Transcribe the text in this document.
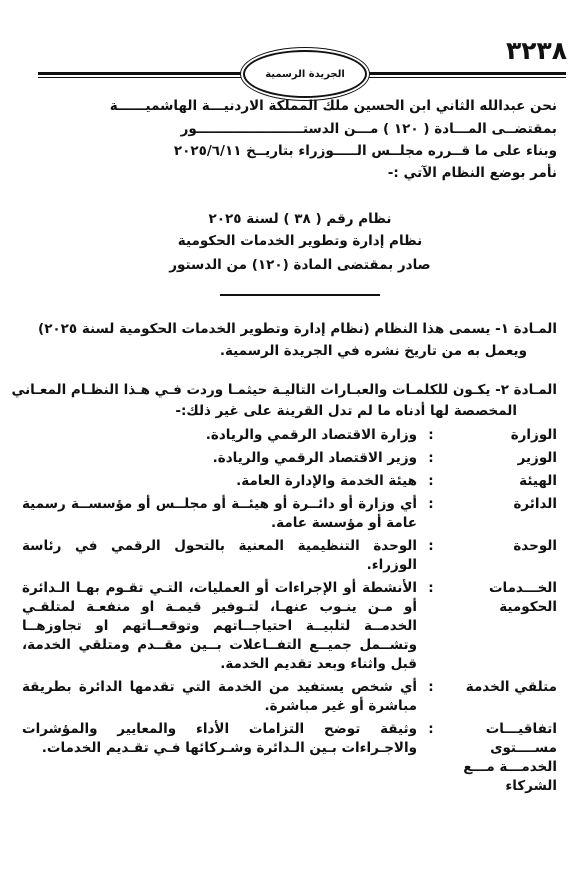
٣٢٣٨
الجريدة الرسمية
نحن عبدالله الثاني ابن الحسين ملك المملكة الاردنيـــة الهاشميــــــة
بمقتضــى المـــادة ( ١٢٠ ) مـــن الدستـــــــــــــــــــــــور
وبناء على ما قــرره مجلــس الـــــوزراء بتاريــخ ٢٠٢٥/٦/١١
نأمر بوضع النظام الآتي :-
نظام رقم ( ٣٨ ) لسنة ٢٠٢٥
نظام إدارة وتطوير الخدمات الحكومية
صادر بمقتضى المادة (١٢٠) من الدستور
المـادة ١- يسمى هذا النظام (نظام إدارة وتطوير الخدمات الحكومية لسنة ٢٠٢٥)
ويعمل به من تاريخ نشره في الجريدة الرسمية.
المـادة ٢- يكـون للكلمـات والعبـارات التاليـة حيثمـا وردت فـي هـذا النظـام المعـاني
المخصصة لها أدناه ما لم تدل القرينة على غير ذلك:-
الوزارة
:
وزارة الاقتصاد الرقمي والريادة.
الوزير
:
وزير الاقتصاد الرقمي والريادة.
الهيئة
:
هيئة الخدمة والإدارة العامة.
الدائرة
:
أي وزارة أو دائــرة أو هيئــة أو مجلــس أو مؤسســة رسمية عامة أو مؤسسة عامة.
الوحدة
:
الوحدة التنظيمية المعنية بالتحول الرقمي في رئاسة الوزراء.
الخـــدمات
الحكومية
:
الأنشطة أو الإجراءات أو العمليات، التـي تقـوم بهـا الـدائرة أو مـن ينـوب عنهـا، لتـوفير قيمـة او منفعـة لمتلقـي الخدمــة لتلبيــة احتياجــاتهم وتوقعــاتهم او تجاوزهــا وتشــمل جميــع التفــاعلات بــين مقــدم ومتلقي الخدمة، قبل واثناء وبعد تقديم الخدمة.
متلقي الخدمة
:
أي شخص يستفيد من الخدمة التي تقدمها الدائرة بطريقة مباشرة أو غير مباشرة.
اتفاقيـــات
مســــتوى
الخدمـــة مـــع
الشركاء
:
وثيقة توضح التزامات الأداء والمعايير والمؤشرات والاجـراءات بـين الـدائرة وشـركائها فـي تقـديم الخدمات.
